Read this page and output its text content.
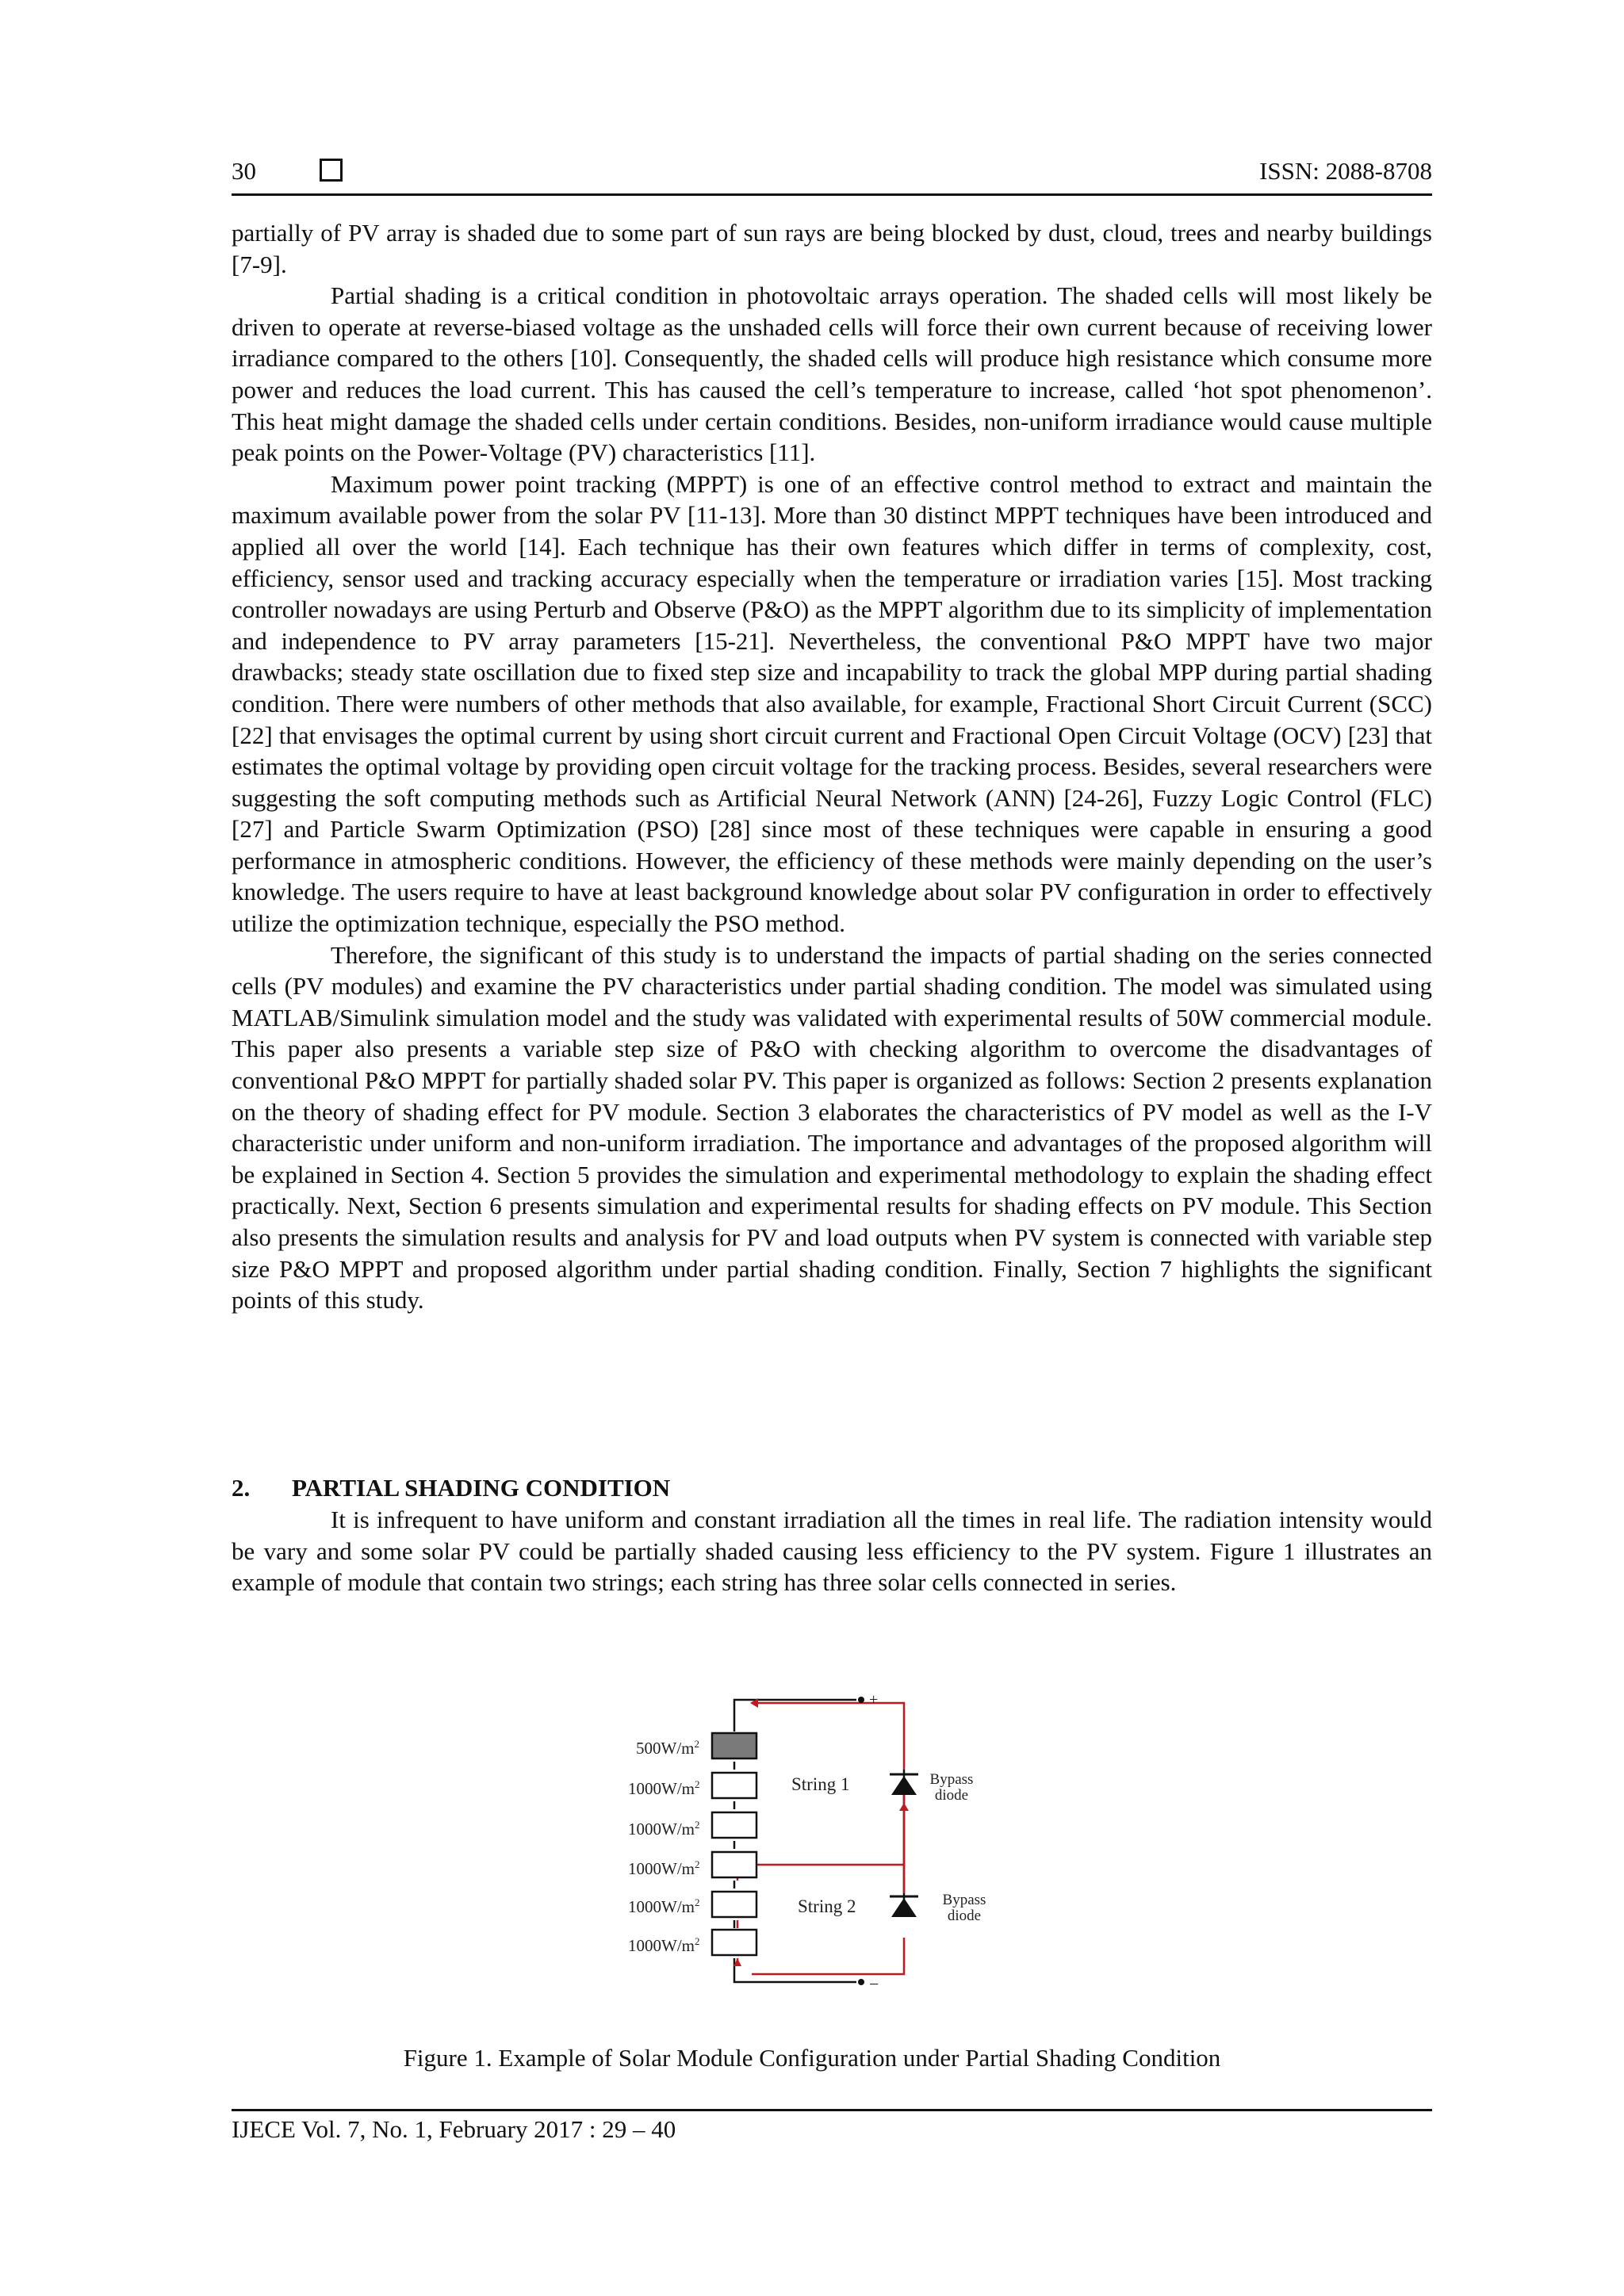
30	ISSN: 2088-8708

partially of PV array is shaded due to some part of sun rays are being blocked by dust, cloud, trees and nearby buildings [7-9].

Partial shading is a critical condition in photovoltaic arrays operation. The shaded cells will most likely be driven to operate at reverse-biased voltage as the unshaded cells will force their own current because of receiving lower irradiance compared to the others [10]. Consequently, the shaded cells will produce high resistance which consume more power and reduces the load current. This has caused the cell’s temperature to increase, called ‘hot spot phenomenon’. This heat might damage the shaded cells under certain conditions. Besides, non-uniform irradiance would cause multiple peak points on the Power-Voltage (PV) characteristics [11].

Maximum power point tracking (MPPT) is one of an effective control method to extract and maintain the maximum available power from the solar PV [11-13]. More than 30 distinct MPPT techniques have been introduced and applied all over the world [14]. Each technique has their own features which differ in terms of complexity, cost, efficiency, sensor used and tracking accuracy especially when the temperature or irradiation varies [15]. Most tracking controller nowadays are using Perturb and Observe (P&O) as the MPPT algorithm due to its simplicity of implementation and independence to PV array parameters [15-21]. Nevertheless, the conventional P&O MPPT have two major drawbacks; steady state oscillation due to fixed step size and incapability to track the global MPP during partial shading condition. There were numbers of other methods that also available, for example, Fractional Short Circuit Current (SCC) [22] that envisages the optimal current by using short circuit current and Fractional Open Circuit Voltage (OCV) [23] that estimates the optimal voltage by providing open circuit voltage for the tracking process. Besides, several researchers were suggesting the soft computing methods such as Artificial Neural Network (ANN) [24-26], Fuzzy Logic Control (FLC) [27] and Particle Swarm Optimization (PSO) [28] since most of these techniques were capable in ensuring a good performance in atmospheric conditions. However, the efficiency of these methods were mainly depending on the user’s knowledge. The users require to have at least background knowledge about solar PV configuration in order to effectively utilize the optimization technique, especially the PSO method.

Therefore, the significant of this study is to understand the impacts of partial shading on the series connected cells (PV modules) and examine the PV characteristics under partial shading condition. The model was simulated using MATLAB/Simulink simulation model and the study was validated with experimental results of 50W commercial module. This paper also presents a variable step size of P&O with checking algorithm to overcome the disadvantages of conventional P&O MPPT for partially shaded solar PV. This paper is organized as follows: Section 2 presents explanation on the theory of shading effect for PV module. Section 3 elaborates the characteristics of PV model as well as the I-V characteristic under uniform and non-uniform irradiation. The importance and advantages of the proposed algorithm will be explained in Section 4. Section 5 provides the simulation and experimental methodology to explain the shading effect practically. Next, Section 6 presents simulation and experimental results for shading effects on PV module. This Section also presents the simulation results and analysis for PV and load outputs when PV system is connected with variable step size P&O MPPT and proposed algorithm under partial shading condition. Finally, Section 7 highlights the significant points of this study.

2. PARTIAL SHADING CONDITION

It is infrequent to have uniform and constant irradiation all the times in real life. The radiation intensity would be vary and some solar PV could be partially shaded causing less efficiency to the PV system. Figure 1 illustrates an example of module that contain two strings; each string has three solar cells connected in series.

$500W/m^2$
$1000W/m^2$
$1000W/m^2$
$1000W/m^2$
$1000W/m^2$
$1000W/m^2$
+
−
String 1
String 2
Bypass
diode
Bypass
diode
Figure 1. Example of Solar Module Configuration under Partial Shading Condition
IJECE Vol. 7, No. 1, February 2017 : 29 – 40
